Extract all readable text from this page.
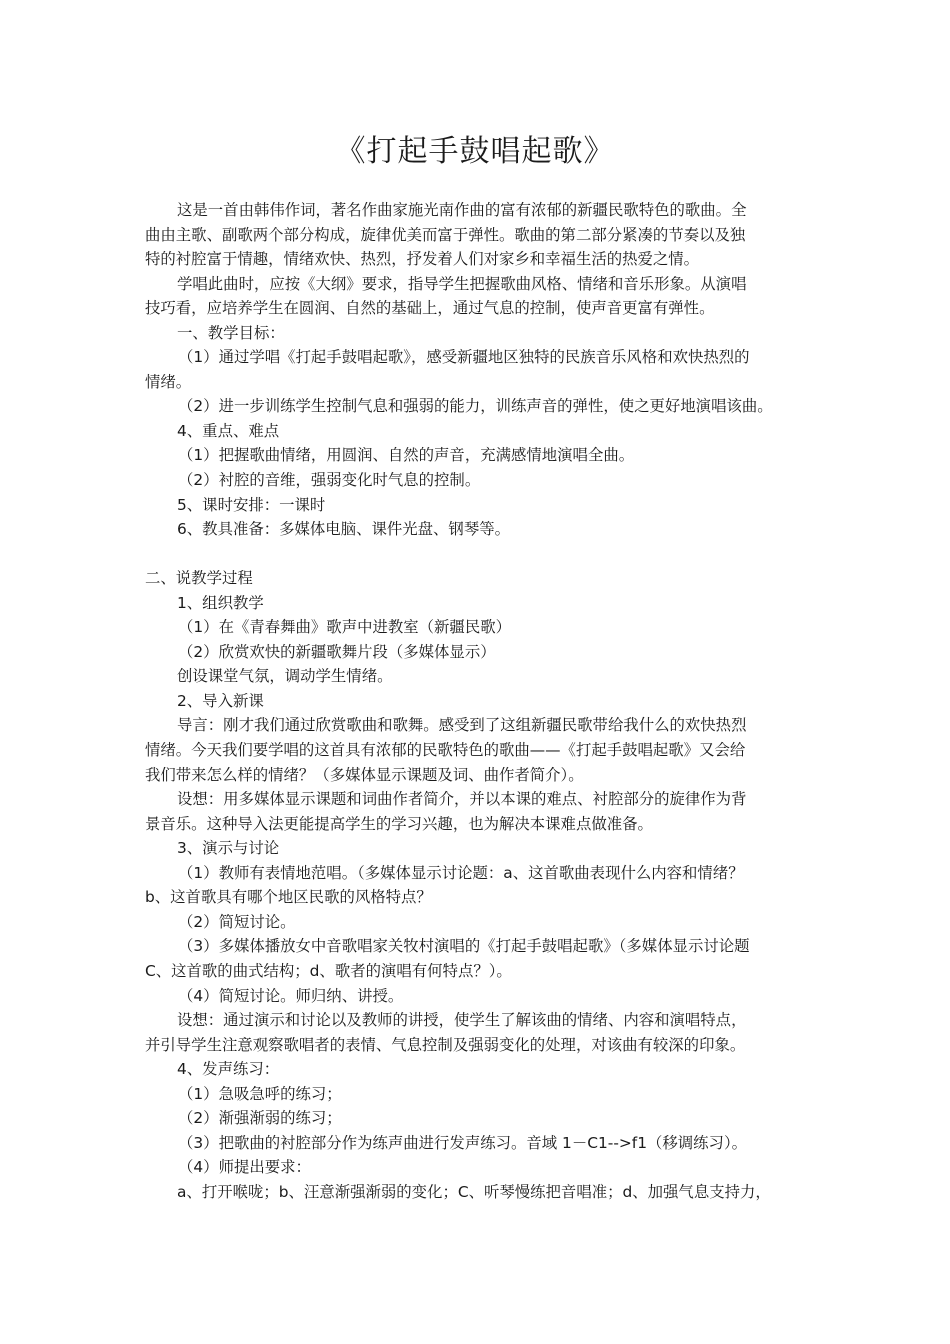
《打起手鼓唱起歌》
这是一首由韩伟作词，著名作曲家施光南作曲的富有浓郁的新疆民歌特色的歌曲。全
曲由主歌、副歌两个部分构成，旋律优美而富于弹性。歌曲的第二部分紧凑的节奏以及独
特的衬腔富于情趣，情绪欢快、热烈，抒发着人们对家乡和幸福生活的热爱之情。
学唱此曲时，应按《大纲》要求，指导学生把握歌曲风格、情绪和音乐形象。从演唱
技巧看，应培养学生在圆润、自然的基础上，通过气息的控制，使声音更富有弹性。
一、教学目标：
（1）通过学唱《打起手鼓唱起歌》，感受新疆地区独特的民族音乐风格和欢快热烈的
情绪。
（2）进一步训练学生控制气息和强弱的能力，训练声音的弹性，使之更好地演唱该曲。
4、重点、难点
（1）把握歌曲情绪，用圆润、自然的声音，充满感情地演唱全曲。
（2）衬腔的音维，强弱变化时气息的控制。
5、课时安排：一课时
6、教具准备：多媒体电脑、课件光盘、钢琴等。
二、说教学过程
1、组织教学
（1）在《青春舞曲》歌声中进教室（新疆民歌）
（2）欣赏欢快的新疆歌舞片段（多媒体显示）
创设课堂气氛，调动学生情绪。
2、导入新课
导言：刚才我们通过欣赏歌曲和歌舞。感受到了这组新疆民歌带给我什么的欢快热烈
情绪。今天我们要学唱的这首具有浓郁的民歌特色的歌曲——《打起手鼓唱起歌》又会给
我们带来怎么样的情绪？（多媒体显示课题及词、曲作者简介）。
设想：用多媒体显示课题和词曲作者简介，并以本课的难点、衬腔部分的旋律作为背
景音乐。这种导入法更能提高学生的学习兴趣，也为解决本课难点做准备。
3、演示与讨论
（1）教师有表情地范唱。（多媒体显示讨论题：a、这首歌曲表现什么内容和情绪？
b、这首歌具有哪个地区民歌的风格特点？
（2）简短讨论。
（3）多媒体播放女中音歌唱家关牧村演唱的《打起手鼓唱起歌》（多媒体显示讨论题
C、这首歌的曲式结构；d、歌者的演唱有何特点？）。
（4）简短讨论。师归纳、讲授。
设想：通过演示和讨论以及教师的讲授，使学生了解该曲的情绪、内容和演唱特点，
并引导学生注意观察歌唱者的表情、气息控制及强弱变化的处理，对该曲有较深的印象。
4、发声练习：
（1）急吸急呼的练习；
（2）渐强渐弱的练习；
（3）把歌曲的衬腔部分作为练声曲进行发声练习。音域 1－C1-->f1（移调练习）。
（4）师提出要求：
a、打开喉咙；b、汪意渐强渐弱的变化；C、听琴慢练把音唱准；d、加强气息支持力，
